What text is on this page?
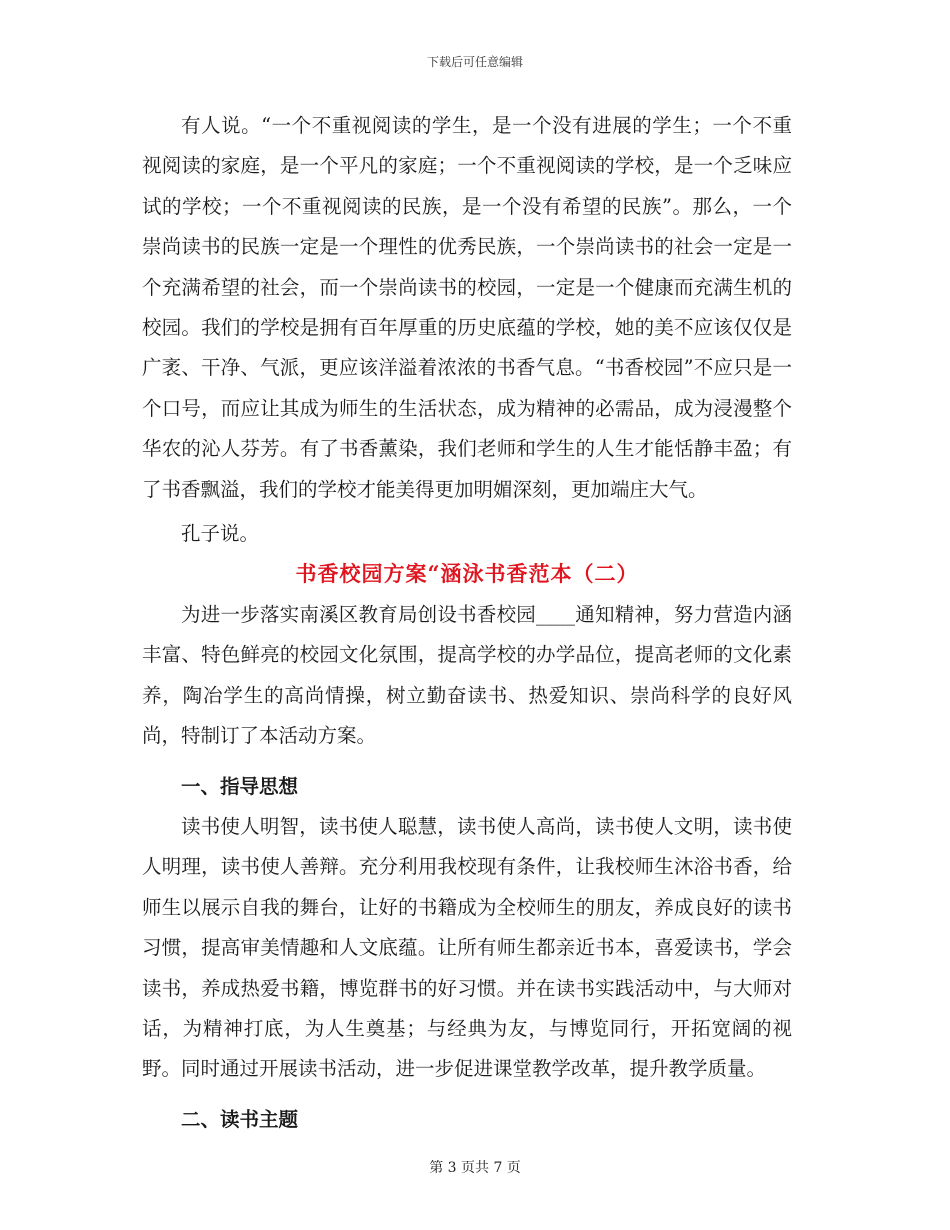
下载后可任意编辑

有人说。“一个不重视阅读的学生，是一个没有进展的学生；一个不重视阅读的家庭，是一个平凡的家庭；一个不重视阅读的学校，是一个乏味应试的学校；一个不重视阅读的民族，是一个没有希望的民族”。那么，一个崇尚读书的民族一定是一个理性的优秀民族，一个崇尚读书的社会一定是一个充满希望的社会，而一个崇尚读书的校园，一定是一个健康而充满生机的校园。我们的学校是拥有百年厚重的历史底蕴的学校，她的美不应该仅仅是广袤、干净、气派，更应该洋溢着浓浓的书香气息。“书香校园”不应只是一个口号，而应让其成为师生的生活状态，成为精神的必需品，成为浸漫整个华农的沁人芬芳。有了书香薰染，我们老师和学生的人生才能恬静丰盈；有了书香飘溢，我们的学校才能美得更加明媚深刻，更加端庄大气。

孔子说。

书香校园方案“涵泳书香范本（二）

为进一步落实南溪区教育局创设书香校园____通知精神，努力营造内涵丰富、特色鲜亮的校园文化氛围，提高学校的办学品位，提高老师的文化素养，陶冶学生的高尚情操，树立勤奋读书、热爱知识、崇尚科学的良好风尚，特制订了本活动方案。

一、指导思想

读书使人明智，读书使人聪慧，读书使人高尚，读书使人文明，读书使人明理，读书使人善辩。充分利用我校现有条件，让我校师生沐浴书香，给师生以展示自我的舞台，让好的书籍成为全校师生的朋友，养成良好的读书习惯，提高审美情趣和人文底蕴。让所有师生都亲近书本，喜爱读书，学会读书，养成热爱书籍，博览群书的好习惯。并在读书实践活动中，与大师对话，为精神打底，为人生奠基；与经典为友，与博览同行，开拓宽阔的视野。同时通过开展读书活动，进一步促进课堂教学改革，提升教学质量。

二、读书主题
第 3 页共 7 页
